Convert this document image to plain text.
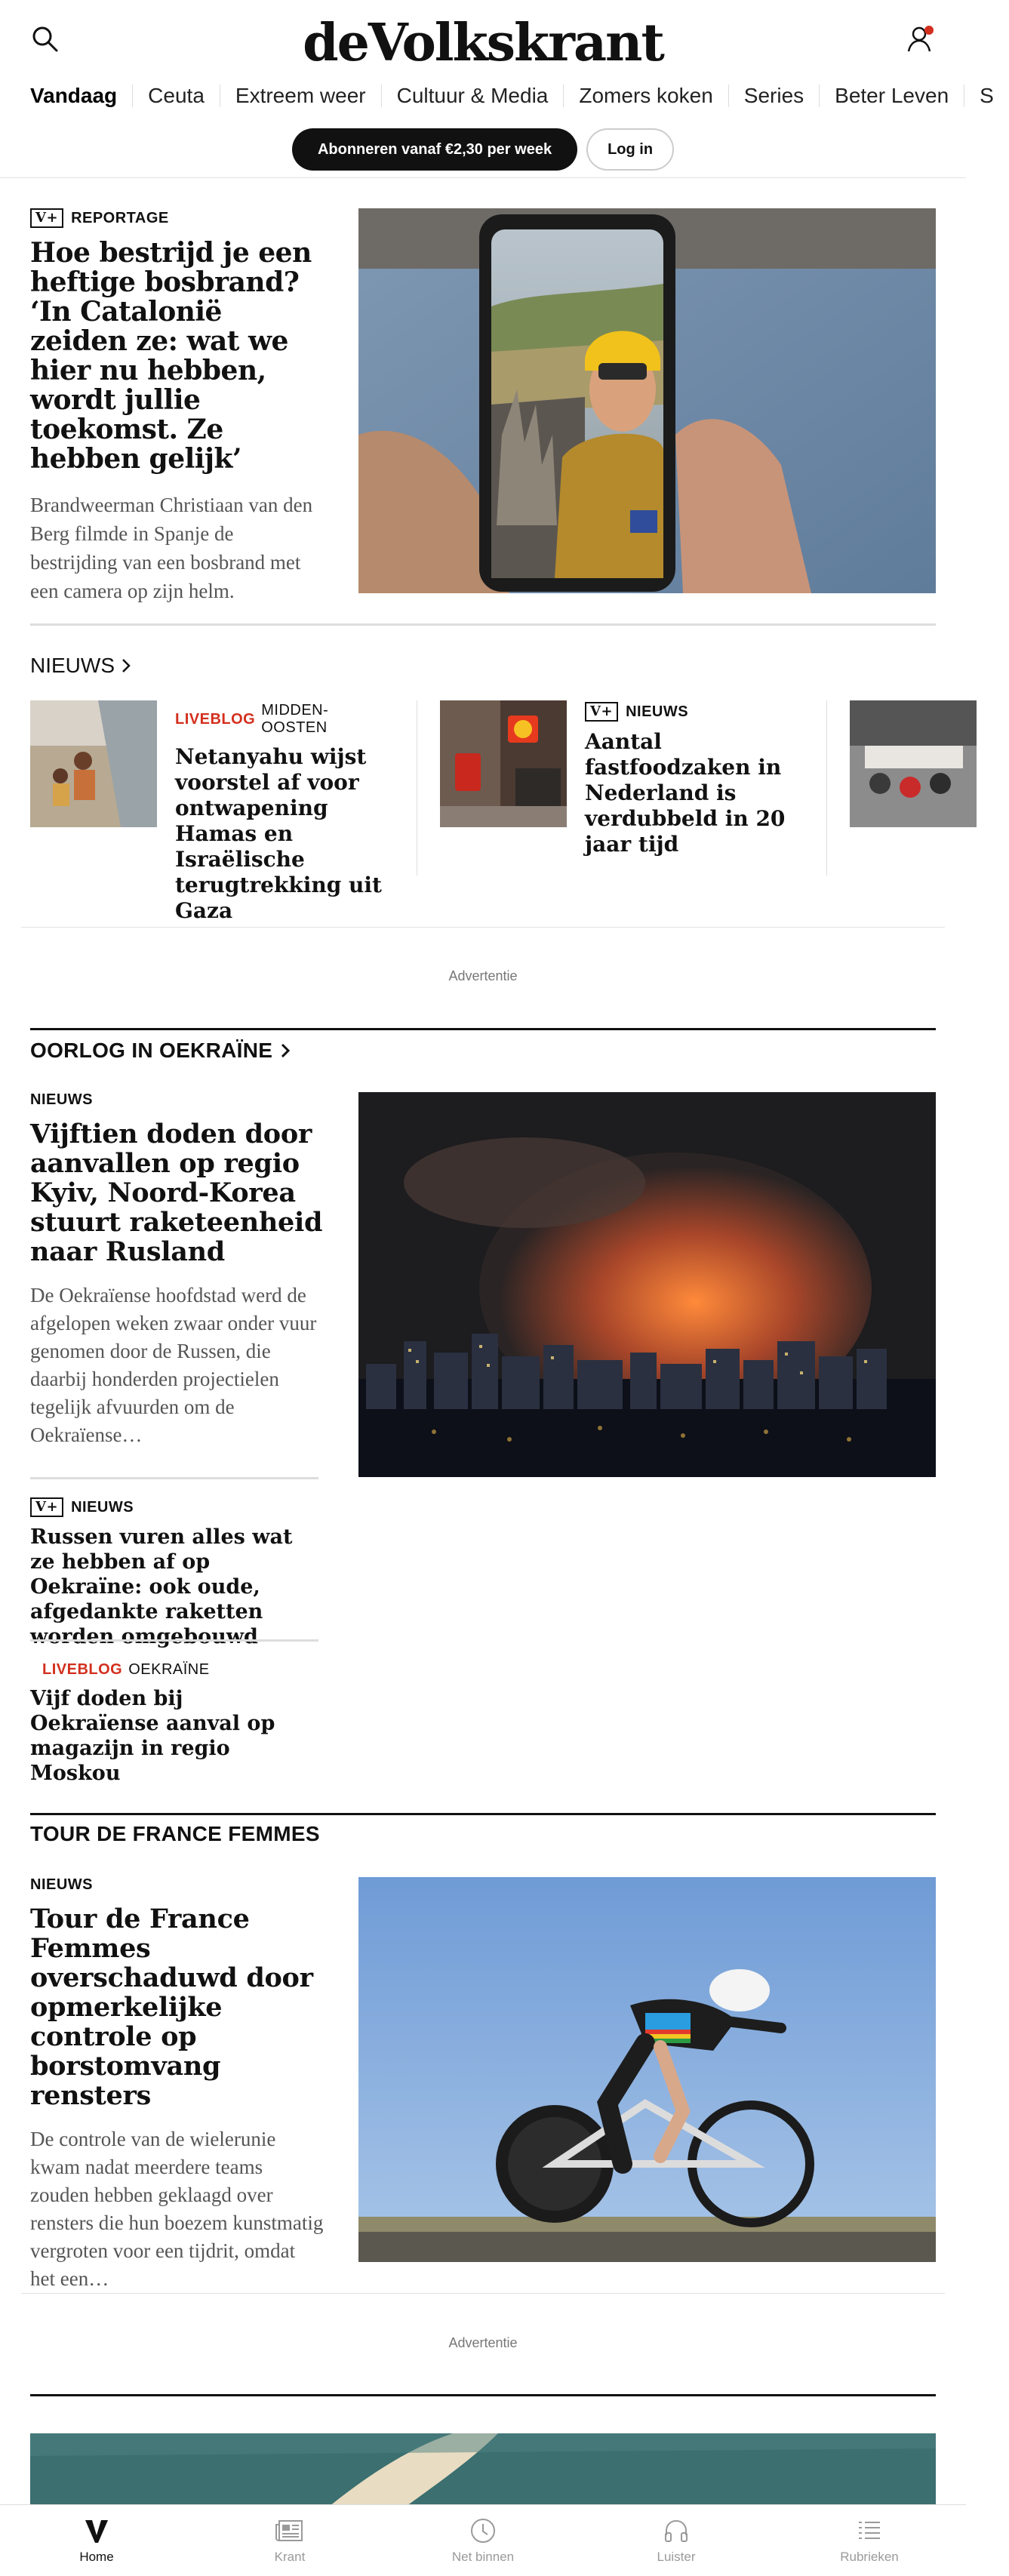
deVolkskrant
Vandaag	Ceuta	Extreem weer	Cultuur & Media	Zomers koken	Series	Beter Leven	S
Abonneren vanaf €2,30 per week	Log in
V+ REPORTAGE
Hoe bestrijd je een heftige bosbrand? ‘In Catalonië zeiden ze: wat we hier nu hebben, wordt jullie toekomst. Ze hebben gelijk’

Brandweerman Christiaan van den Berg filmde in Spanje de bestrijding van een bosbrand met een camera op zijn helm.

NIEUWS
LIVEBLOG
MIDDEN-OOSTEN
Netanyahu wijst voorstel af voor ontwapening Hamas en Israëlische terugtrekking uit Gaza
V+ NIEUWS
Aantal fastfoodzaken in Nederland is verdubbeld in 20 jaar tijd
Advertentie
OORLOG IN OEKRAÏNE
NIEUWS
Vijftien doden door aanvallen op regio Kyiv, Noord-Korea stuurt raketeenheid naar Rusland

De Oekraïense hoofdstad werd de afgelopen weken zwaar onder vuur genomen door de Russen, die daarbij honderden projectielen tegelijk afvuurden om de Oekraïense…

V+ NIEUWS
Russen vuren alles wat ze hebben af op Oekraïne: ook oude, afgedankte raketten worden omgebouwd
LIVEBLOG OEKRAÏNE
Vijf doden bij Oekraïense aanval op magazijn in regio Moskou
TOUR DE FRANCE FEMMES
NIEUWS
Tour de France Femmes overschaduwd door opmerkelijke controle op borstomvang rensters

De controle van de wielerunie kwam nadat meerdere teams zouden hebben geklaagd over rensters die hun boezem kunstmatig vergroten voor een tijdrit, omdat het een…

Advertentie
Home	Krant	Net binnen	Luister	Rubrieken
